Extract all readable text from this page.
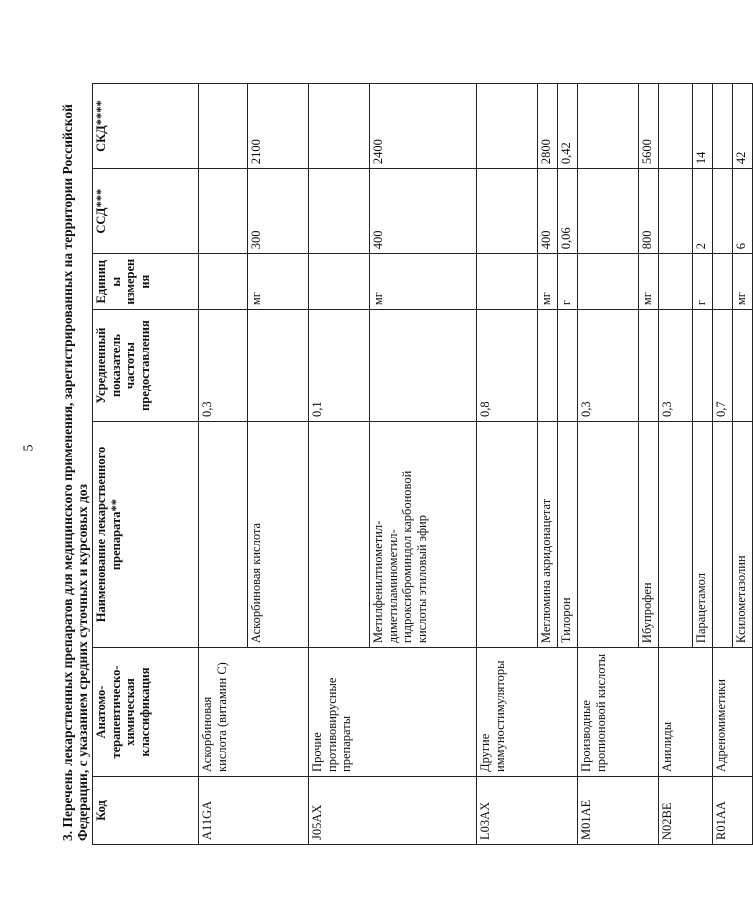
5 3. Перечень лекарственных препаратов для медицинского применения, зарегистрированных на территории Российской Федерации, с указанием средних суточных и курсовых доз Код	Анатомо-терапевтическо-химическая классификация	Наименование лекарственного препарата**	Усредненный показатель частоты предоставления	Единицы измерения	ССД***	СКД****
A11GA	Аскорбиновая кислота (витамин С)		0,3			
		Аскорбиновая кислота		мг	300	2100
J05AX	Прочие противовирусные препараты		0,1			
		Метилфенилтиометил-диметиламинометил-гидроксиброминдол карбоновой кислоты этиловый эфир		мг	400	2400
L03AX	Другие иммуностимуляторы		0,8			
		Меглюмина акридонацетат		мг	400	2800
		Тилорон		г	0,06	0,42
M01AE	Производные пропионовой кислоты		0,3			
		Ибупрофен		мг	800	5600
N02BE	Анилиды		0,3			
		Парацетамол		г	2	14
R01AA	Адреномиметики		0,7			
		Ксилометазолин		мг	6	42
